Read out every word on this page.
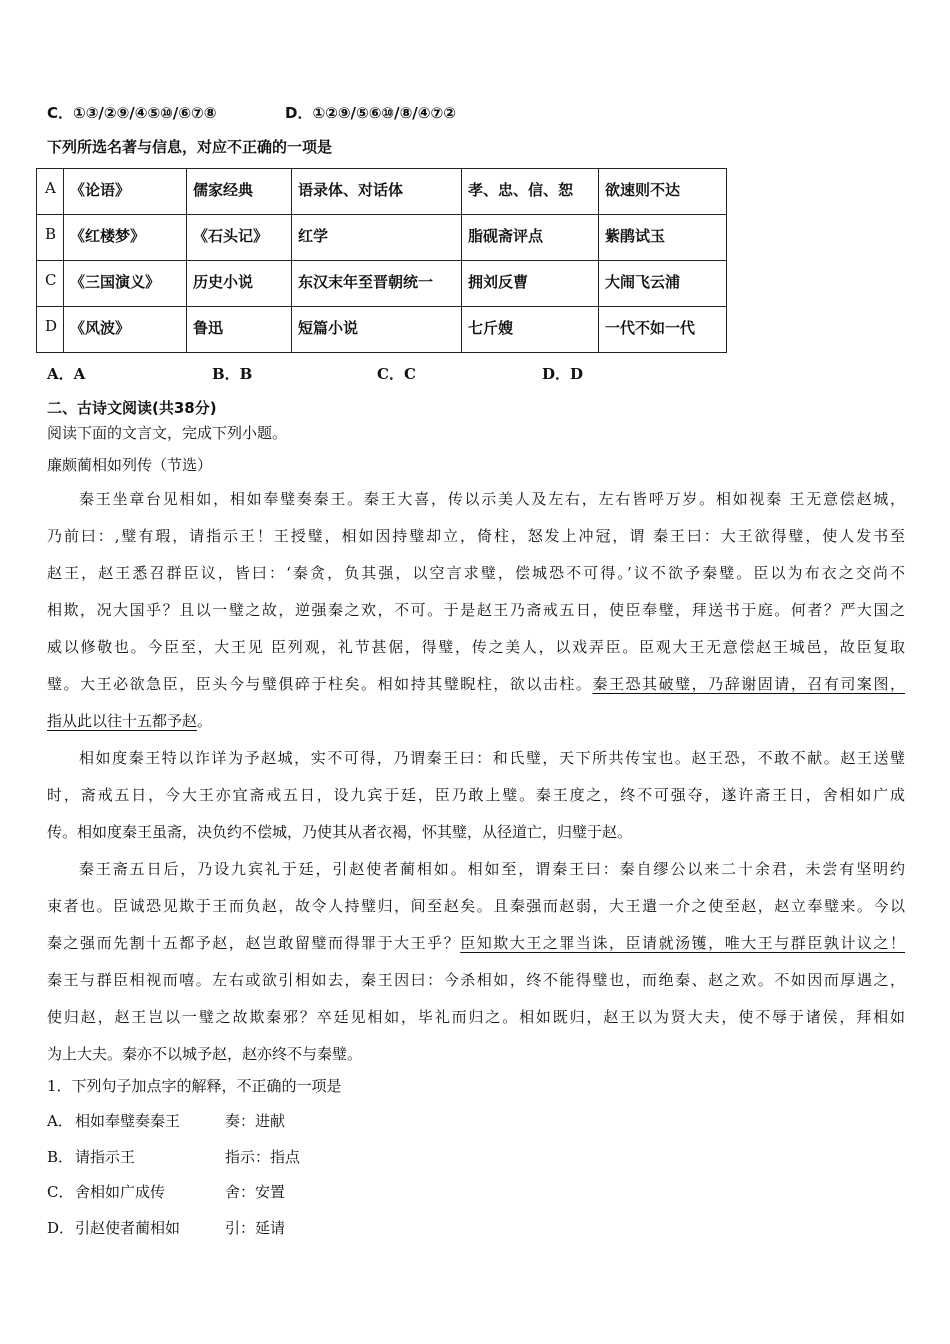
C．①③/②⑨/④⑤⑩/⑥⑦⑧	D．①②⑨/⑤⑥⑩/⑧/④⑦②
下列所选名著与信息，对应不正确的一项是
A	《论语》	儒家经典	语录体、对话体	孝、忠、信、恕	欲速则不达
B	《红楼梦》	《石头记》	红学	脂砚斋评点	紫鹃试玉
C	《三国演义》	历史小说	东汉末年至晋朝统一	拥刘反曹	大闹飞云浦
D	《风波》	鲁迅	短篇小说	七斤嫂	一代不如一代
A．A	B．B	C．C	D．D
二、古诗文阅读(共38分)
阅读下面的文言文，完成下列小题。
廉颇蔺相如列传（节选）
秦王坐章台见相如，相如奉璧奏秦王。秦王大喜，传以示美人及左右，左右皆呼万岁。相如视秦 王无意偿赵城，
乃前曰：,璧有瑕，请指示王！王授璧，相如因持璧却立，倚柱，怒发上冲冠，谓 秦王曰：大王欲得璧，使人发书至
赵王，赵王悉召群臣议，皆曰：‘秦贪，负其强，以空言求璧，偿城恐不可得。’议不欲予秦璧。臣以为布衣之交尚不
相欺，况大国乎？且以一璧之故，逆强秦之欢，不可。于是赵王乃斋戒五日，使臣奉璧，拜送书于庭。何者？严大国之
威以修敬也。今臣至，大王见 臣列观，礼节甚倨，得璧，传之美人，以戏弄臣。臣观大王无意偿赵王城邑，故臣复取
璧。大王必欲急臣，臣头今与璧俱碎于柱矣。相如持其璧睨柱，欲以击柱。秦王恐其破璧，乃辞谢固请，召有司案图，
指从此以往十五都予赵。
相如度秦王特以诈详为予赵城，实不可得，乃谓秦王曰：和氏璧，天下所共传宝也。赵王恐，不敢不献。赵王送璧
时，斋戒五日，今大王亦宜斋戒五日，设九宾于廷，臣乃敢上璧。秦王度之，终不可强夺，遂许斋王日，舍相如广成
传。相如度秦王虽斋，决负约不偿城，乃使其从者衣褐，怀其璧，从径道亡，归璧于赵。
秦王斋五日后，乃设九宾礼于廷，引赵使者蔺相如。相如至，谓秦王曰：秦自缪公以来二十余君，未尝有坚明约
束者也。臣诚恐见欺于王而负赵，故令人持璧归，间至赵矣。且秦强而赵弱，大王遣一介之使至赵，赵立奉璧来。今以
秦之强而先割十五都予赵，赵岂敢留璧而得罪于大王乎？臣知欺大王之罪当诛，臣请就汤镬，唯大王与群臣孰计议之！
秦王与群臣相视而嘻。左右或欲引相如去，秦王因曰：今杀相如，终不能得璧也，而绝秦、赵之欢。不如因而厚遇之，
使归赵，赵王岂以一璧之故欺秦邪？卒廷见相如，毕礼而归之。相如既归，赵王以为贤大夫，使不辱于诸侯，拜相如
为上大夫。秦亦不以城予赵，赵亦终不与秦璧。
1．下列句子加点字的解释，不正确的一项是
A． 相如奉璧奏秦王	奏：进献
B． 请指示王	指示：指点
C． 舍相如广成传	舍：安置
D． 引赵使者蔺相如	引：延请
